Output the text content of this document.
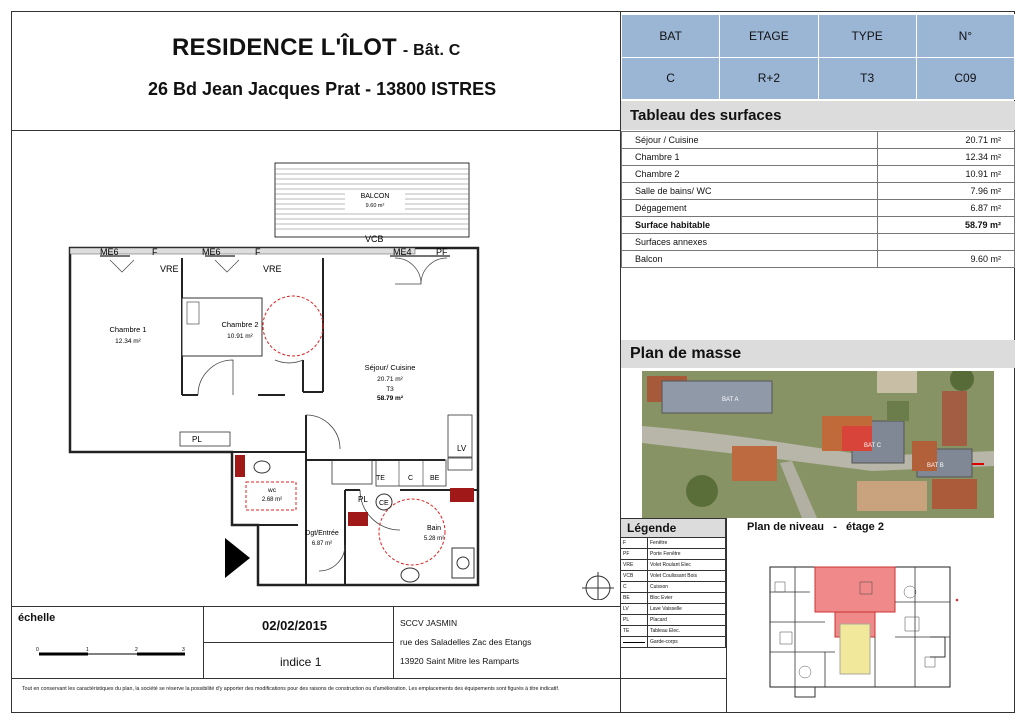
RESIDENCE L'ÎLOT - Bât. C
26 Bd Jean Jacques Prat - 13800 ISTRES
BAT	ETAGE	TYPE	N°
C	R+2	T3	C09
Tableau des surfaces
Séjour / Cuisine	20.71 m²
Chambre 1	12.34 m²
Chambre 2	10.91 m²
Salle de bains/ WC	7.96 m²
Dégagement	6.87 m²
Surface habitable	58.79 m²
Surfaces annexes	
Balcon	9.60 m²
Plan de masse
BAT A
BAT C
BAT B
Légende
F	Fenêtre
PF	Porte Fenêtre
VRE	Volet Roulant Elec
VCB	Volet Coulissant Bois
C	Cuisson
BE	Bloc Evier
LV	Lave Vaisselle
PL	Placard
TE	Tableau Elec.

	Garde-corps
Plan de niveau   -   étage 2
échelle
0	1	2	3
02/02/2015
indice 1
SCCV JASMIN
rue des Saladelles Zac des Etangs
13920 Saint Mitre les Ramparts
Tout en conservant les caractéristiques du plan, la société se réserve la possibilité d'y apporter des modifications pour des raisons de construction ou d'amélioration. Les emplacements des équipements sont figurés à titre indicatif.
BALCON
9.60 m²
VCB
ME6	F	ME6	F	ME4	PF
VRE	VRE
Chambre 1
12.34 m²
Chambre 2
10.91 m²
Séjour/ Cuisine
20.71 m²
T3
58.79 m²
PL
PL
LV
TE	C BE
CE
wc
2.68 m²
Dgt/Entrée
6.87 m²
Bain
5.28 m²
